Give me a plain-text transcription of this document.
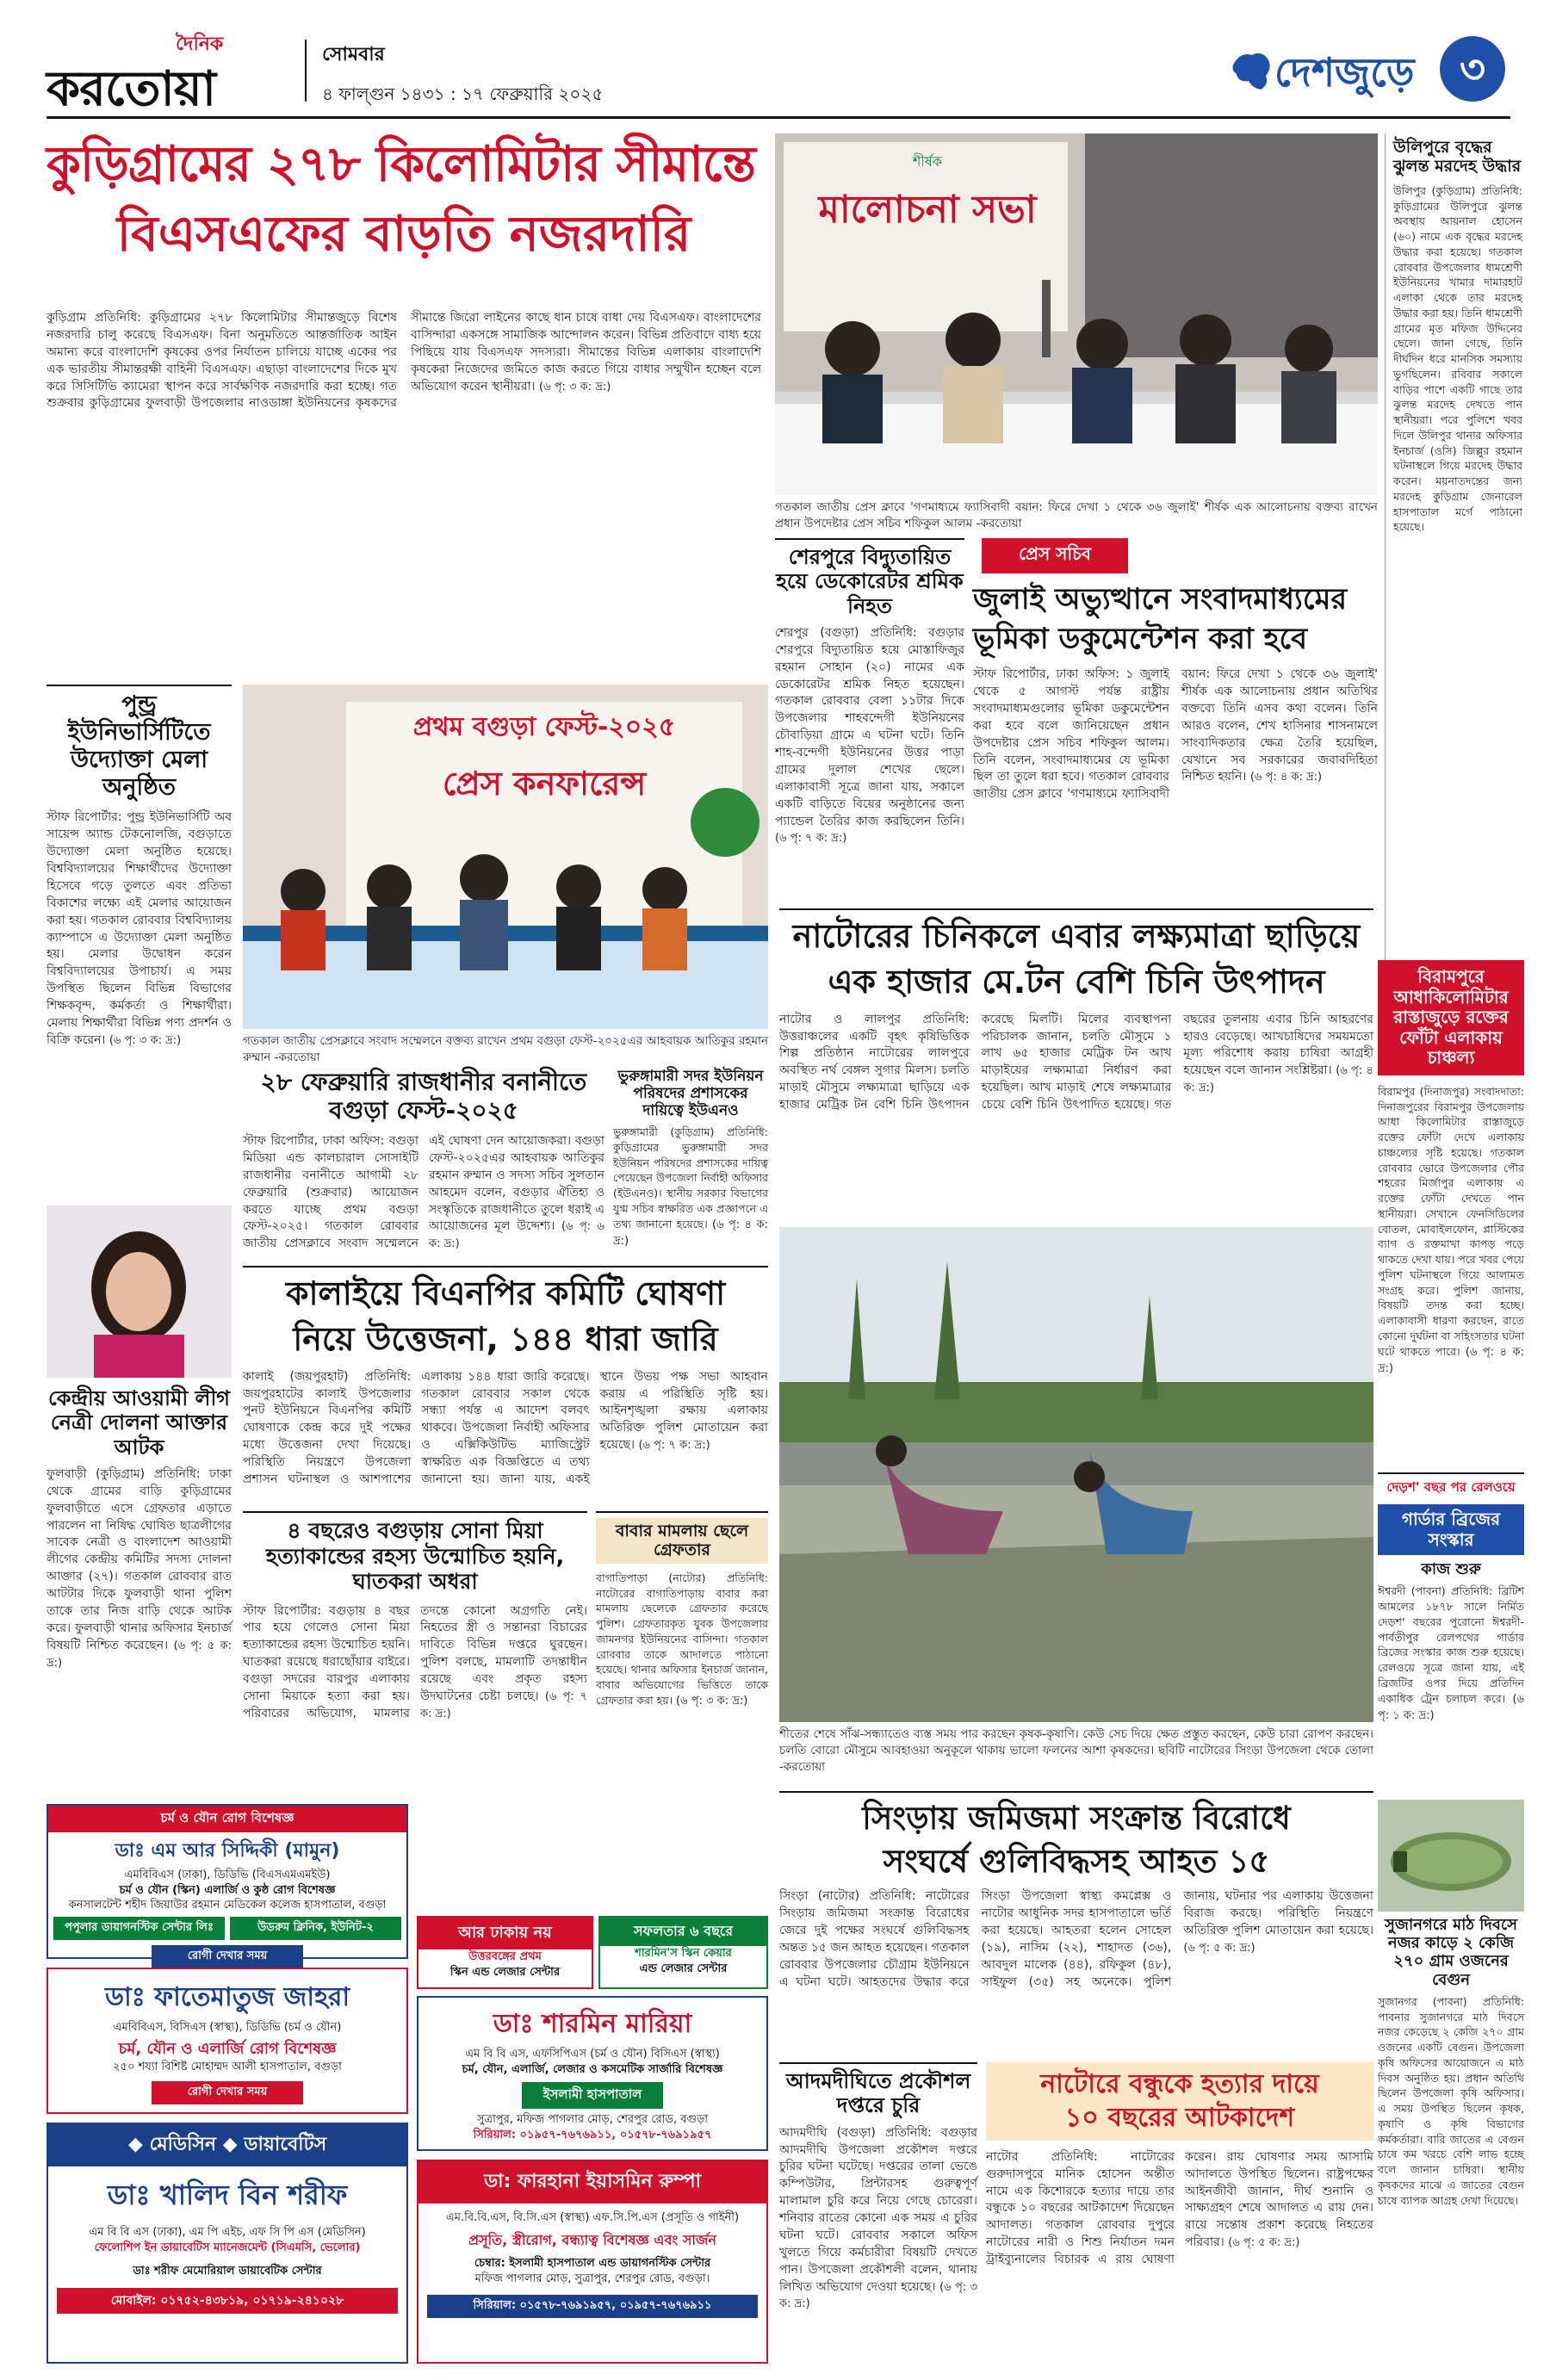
দৈনিক
করতোয়া
সোমবার
৪ ফাল্গুন ১৪৩১ : ১৭ ফেব্রুয়ারি ২০২৫	দেশজুড়ে	৩
কুড়িগ্রামের ২৭৮ কিলোমিটার সীমান্তে
বিএসএফের বাড়তি নজরদারি
কুড়িগ্রাম প্রতিনিধি: কুড়িগ্রামের ২৭৮ কিলোমিটার সীমান্তজুড়ে বিশেষ নজরদারি চালু করেছে বিএসএফ। বিনা অনুমতিতে আন্তর্জাতিক আইন অমান্য করে বাংলাদেশি কৃষকের ওপর নির্যাতন চালিয়ে যাচ্ছে একের পর এক ভারতীয় সীমান্তরক্ষী বাহিনী বিএসএফ। এছাড়া বাংলাদেশের দিকে মুখ করে সিসিটিভি ক্যামেরা স্থাপন করে সার্বক্ষণিক নজরদারি করা হচ্ছে। গত শুক্রবার কুড়িগ্রামের ফুলবাড়ী উপজেলার নাওডাঙ্গা ইউনিয়নের কৃষকদের সীমান্তে জিরো লাইনের কাছে ধান চাষে বাধা দেয় বিএসএফ। বাংলাদেশের বাসিন্দারা একসঙ্গে সামাজিক আন্দোলন করেন। বিভিন্ন প্রতিবাদে বাধ্য হয়ে পিছিয়ে যায় বিএসএফ সদস্যরা। সীমান্তের বিভিন্ন এলাকায় বাংলাদেশি কৃষকেরা নিজেদের জমিতে কাজ করতে গিয়ে বাধার সম্মুখীন হচ্ছেন বলে অভিযোগ করেন স্থানীয়রা। (৬ পৃ: ৩ ক: দ্র:)
শীর্ষক
মালোচনা সভা
গতকাল জাতীয় প্রেস ক্লাবে 'গণমাধ্যমে ফ্যাসিবাদী বয়ান: ফিরে দেখা ১ থেকে ৩৬ জুলাই' শীর্ষক এক আলোচনায় বক্তব্য রাখেন প্রধান উপদেষ্টার প্রেস সচিব শফিকুল আলম -করতোয়া
উলিপুরে বৃদ্ধের ঝুলন্ত মরদেহ উদ্ধার
উলিপুর (কুড়িগ্রাম) প্রতিনিধি: কুড়িগ্রামের উলিপুরে ঝুলন্ত অবস্থায় আয়নাল হোসেন (৬০) নামে এক বৃদ্ধের মরদেহ উদ্ধার করা হয়েছে। গতকাল রোববার উপজেলার ধামশ্রেণী ইউনিয়নের খামার দামারহাট এলাকা থেকে তার মরদেহ উদ্ধার করা হয়। তিনি ধামশ্রেণী গ্রামের মৃত মফিজ উদ্দিনের ছেলে। জানা গেছে, তিনি দীর্ঘদিন ধরে মানসিক সমস্যায় ভুগছিলেন। রবিবার সকালে বাড়ির পাশে একটি গাছে তার ঝুলন্ত মরদেহ দেখতে পান স্থানীয়রা। পরে পুলিশে খবর দিলে উলিপুর থানার অফিসার ইনচার্জ (ওসি) জিল্লুর রহমান ঘটনাস্থলে গিয়ে মরদেহ উদ্ধার করেন। ময়নাতদন্তের জন্য মরদেহ কুড়িগ্রাম জেনারেল হাসপাতাল মর্গে পাঠানো হয়েছে।
শেরপুরে বিদ্যুতায়িত হয়ে ডেকোরেটর শ্রমিক নিহত
শেরপুর (বগুড়া) প্রতিনিধি: বগুড়ার শেরপুরে বিদ্যুতায়িত হয়ে মোস্তাফিজুর রহমান সোহান (২০) নামের এক ডেকোরেটর শ্রমিক নিহত হয়েছেন। গতকাল রোববার বেলা ১১টার দিকে উপজেলার শাহবন্দেগী ইউনিয়নের চৌবাড়িয়া গ্রামে এ ঘটনা ঘটে। তিনি শাহ-বন্দেগী ইউনিয়নের উত্তর পাড়া গ্রামের দুলাল শেখের ছেলে। এলাকাবাসী সূত্রে জানা যায়, সকালে একটি বাড়িতে বিয়ের অনুষ্ঠানের জন্য প্যান্ডেল তৈরির কাজ করছিলেন তিনি। (৬ পৃ: ৭ ক: দ্র:)
প্রেস সচিব
জুলাই অভ্যুত্থানে সংবাদমাধ্যমের
ভূমিকা ডকুমেন্টেশন করা হবে
স্টাফ রিপোর্টার, ঢাকা অফিস: ১ জুলাই থেকে ৫ আগস্ট পর্যন্ত রাষ্ট্রীয় সংবাদমাধ্যমগুলোর ভূমিকা ডকুমেন্টেশন করা হবে বলে জানিয়েছেন প্রধান উপদেষ্টার প্রেস সচিব শফিকুল আলম। তিনি বলেন, সংবাদমাধ্যমের যে ভূমিকা ছিল তা তুলে ধরা হবে। গতকাল রোববার জাতীয় প্রেস ক্লাবে 'গণমাধ্যমে ফ্যাসিবাদী বয়ান: ফিরে দেখা ১ থেকে ৩৬ জুলাই' শীর্ষক এক আলোচনায় প্রধান অতিথির বক্তব্যে তিনি এসব কথা বলেন। তিনি আরও বলেন, শেখ হাসিনার শাসনামলে সাংবাদিকতার ক্ষেত্র তৈরি হয়েছিল, যেখানে সব সরকারের জবাবদিহিতা নিশ্চিত হয়নি। (৬ পৃ: ৪ ক: দ্র:)
বিরামপুরে আধাকিলোমিটার রাস্তাজুড়ে রক্তের ফোঁটা এলাকায় চাঞ্চল্য
বিরামপুর (দিনাজপুর) সংবাদদাতা: দিনাজপুরের বিরামপুর উপজেলায় আধা কিলোমিটার রাস্তাজুড়ে রক্তের ফোঁটা দেখে এলাকায় চাঞ্চল্যের সৃষ্টি হয়েছে। গতকাল রোববার ভোরে উপজেলার পৌর শহরের মির্জাপুর এলাকায় এ রক্তের ফোঁটা দেখতে পান স্থানীয়রা। সেখানে ফেনসিডিলের বোতল, মোবাইলফোন, প্লাস্টিকের ব্যাগ ও রক্তমাখা কাপড় পড়ে থাকতে দেখা যায়। পরে খবর পেয়ে পুলিশ ঘটনাস্থলে গিয়ে আলামত সংগ্রহ করে। পুলিশ জানায়, বিষয়টি তদন্ত করা হচ্ছে। এলাকাবাসী ধারণা করছেন, রাতে কোনো দুর্ঘটনা বা সহিংসতার ঘটনা ঘটে থাকতে পারে। (৬ পৃ: ৪ ক: দ্র:)
পুন্ড্র ইউনিভার্সিটিতে উদ্যোক্তা মেলা অনুষ্ঠিত
স্টাফ রিপোর্টার: পুন্ড্র ইউনিভার্সিটি অব সায়েন্স অ্যান্ড টেকনোলজি, বগুড়াতে উদ্যোক্তা মেলা অনুষ্ঠিত হয়েছে। বিশ্ববিদ্যালয়ের শিক্ষার্থীদের উদ্যোক্তা হিসেবে গড়ে তুলতে এবং প্রতিভা বিকাশের লক্ষ্যে এই মেলার আয়োজন করা হয়। গতকাল রোববার বিশ্ববিদ্যালয় ক্যাম্পাসে এ উদ্যোক্তা মেলা অনুষ্ঠিত হয়। মেলার উদ্বোধন করেন বিশ্ববিদ্যালয়ের উপাচার্য। এ সময় উপস্থিত ছিলেন বিভিন্ন বিভাগের শিক্ষকবৃন্দ, কর্মকর্তা ও শিক্ষার্থীরা। মেলায় শিক্ষার্থীরা বিভিন্ন পণ্য প্রদর্শন ও বিক্রি করেন। (৬ পৃ: ৩ ক: দ্র:)
প্রথম বগুড়া ফেস্ট-২০২৫
প্রেস কনফারেন্স
গতকাল জাতীয় প্রেসক্লাবে সংবাদ সম্মেলনে বক্তব্য রাখেন প্রথম বগুড়া ফেস্ট-২০২৫এর আহবায়ক আতিকুর রহমান রুম্মান -করতোয়া
২৮ ফেব্রুয়ারি রাজধানীর বনানীতে বগুড়া ফেস্ট-২০২৫
স্টাফ রিপোর্টার, ঢাকা অফিস: বগুড়া মিডিয়া এন্ড কালচারাল সোসাইটি রাজধানীর বনানীতে আগামী ২৮ ফেব্রুয়ারি (শুক্রবার) আয়োজন করতে যাচ্ছে প্রথম বগুড়া ফেস্ট-২০২৫। গতকাল রোববার জাতীয় প্রেসক্লাবে সংবাদ সম্মেলনে এই ঘোষণা দেন আয়োজকরা। বগুড়া ফেস্ট-২০২৫এর আহবায়ক আতিকুর রহমান রুম্মান ও সদস্য সচিব সুলতান আহমেদ বলেন, বগুড়ার ঐতিহ্য ও সংস্কৃতিকে রাজধানীতে তুলে ধরাই এ আয়োজনের মূল উদ্দেশ্য। (৬ পৃ: ৬ ক: দ্র:)
ভুরুঙ্গামারী সদর ইউনিয়ন পরিষদের প্রশাসকের দায়িত্বে ইউএনও
ভুরুঙ্গামারী (কুড়িগ্রাম) প্রতিনিধি: কুড়িগ্রামের ভুরুঙ্গামারী সদর ইউনিয়ন পরিষদের প্রশাসকের দায়িত্ব পেয়েছেন উপজেলা নির্বাহী অফিসার (ইউএনও)। স্থানীয় সরকার বিভাগের যুগ্ম সচিব স্বাক্ষরিত এক প্রজ্ঞাপনে এ তথ্য জানানো হয়েছে। (৬ পৃ: ৪ ক: দ্র:)
নাটোরের চিনিকলে এবার লক্ষ্যমাত্রা ছাড়িয়ে
এক হাজার মে.টন বেশি চিনি উৎপাদন
নাটোর ও লালপুর প্রতিনিধি: উত্তরাঞ্চলের একটি বৃহৎ কৃষিভিত্তিক শিল্প প্রতিষ্ঠান নাটোরের লালপুরে অবস্থিত নর্থ বেঙ্গল সুগার মিলস। চলতি মাড়াই মৌসুমে লক্ষ্যমাত্রা ছাড়িয়ে এক হাজার মেট্রিক টন বেশি চিনি উৎপাদন করেছে মিলটি। মিলের ব্যবস্থাপনা পরিচালক জানান, চলতি মৌসুমে ১ লাখ ৬৫ হাজার মেট্রিক টন আখ মাড়াইয়ের লক্ষ্যমাত্রা নির্ধারণ করা হয়েছিল। আখ মাড়াই শেষে লক্ষ্যমাত্রার চেয়ে বেশি চিনি উৎপাদিত হয়েছে। গত বছরের তুলনায় এবার চিনি আহরণের হারও বেড়েছে। আখচাষিদের সময়মতো মূল্য পরিশোধ করায় চাষিরা আগ্রহী হয়েছেন বলে জানান সংশ্লিষ্টরা। (৬ পৃ: ৪ ক: দ্র:)
কেন্দ্রীয় আওয়ামী লীগ নেত্রী দোলনা আক্তার আটক
ফুলবাড়ী (কুড়িগ্রাম) প্রতিনিধি: ঢাকা থেকে গ্রামের বাড়ি কুড়িগ্রামের ফুলবাড়ীতে এসে গ্রেফতার এড়াতে পারলেন না নিষিদ্ধ ঘোষিত ছাত্রলীগের সাবেক নেত্রী ও বাংলাদেশ আওয়ামী লীগের কেন্দ্রীয় কমিটির সদস্য দোলনা আক্তার (২৭)। গতকাল রোববার রাত আটটার দিকে ফুলবাড়ী থানা পুলিশ তাকে তার নিজ বাড়ি থেকে আটক করে। ফুলবাড়ী থানার অফিসার ইনচার্জ বিষয়টি নিশ্চিত করেছেন। (৬ পৃ: ৫ ক: দ্র:)
কালাইয়ে বিএনপির কমিটি ঘোষণা
নিয়ে উত্তেজনা, ১৪৪ ধারা জারি
কালাই (জয়পুরহাট) প্রতিনিধি: জয়পুরহাটের কালাই উপজেলার পুনট ইউনিয়নে বিএনপির কমিটি ঘোষণাকে কেন্দ্র করে দুই পক্ষের মধ্যে উত্তেজনা দেখা দিয়েছে। পরিস্থিতি নিয়ন্ত্রণে উপজেলা প্রশাসন ঘটনাস্থল ও আশপাশের এলাকায় ১৪৪ ধারা জারি করেছে। গতকাল রোববার সকাল থেকে সন্ধ্যা পর্যন্ত এ আদেশ বলবৎ থাকবে। উপজেলা নির্বাহী অফিসার ও এক্সিকিউটিভ ম্যাজিস্ট্রেট স্বাক্ষরিত এক বিজ্ঞপ্তিতে এ তথ্য জানানো হয়। জানা যায়, একই স্থানে উভয় পক্ষ সভা আহবান করায় এ পরিস্থিতি সৃষ্টি হয়। আইনশৃঙ্খলা রক্ষায় এলাকায় অতিরিক্ত পুলিশ মোতায়েন করা হয়েছে। (৬ পৃ: ৭ ক: দ্র:)
৪ বছরেও বগুড়ায় সোনা মিয়া হত্যাকান্ডের রহস্য উন্মোচিত হয়নি, ঘাতকরা অধরা
স্টাফ রিপোর্টার: বগুড়ায় ৪ বছর পার হয়ে গেলেও সোনা মিয়া হত্যাকান্ডের রহস্য উন্মোচিত হয়নি। ঘাতকরা রয়েছে ধরাছোঁয়ার বাইরে। বগুড়া সদরের বারপুর এলাকায় সোনা মিয়াকে হত্যা করা হয়। পরিবারের অভিযোগ, মামলার তদন্তে কোনো অগ্রগতি নেই। নিহতের স্ত্রী ও সন্তানরা বিচারের দাবিতে বিভিন্ন দপ্তরে ঘুরছেন। পুলিশ বলছে, মামলাটি তদন্তাধীন রয়েছে এবং প্রকৃত রহস্য উদঘাটনের চেষ্টা চলছে। (৬ পৃ: ৭ ক: দ্র:)
বাবার মামলায় ছেলে গ্রেফতার
বাগাতিপাড়া (নাটোর) প্রতিনিধি: নাটোরের বাগাতিপাড়ায় বাবার করা মামলায় ছেলেকে গ্রেফতার করেছে পুলিশ। গ্রেফতারকৃত যুবক উপজেলার জামনগর ইউনিয়নের বাসিন্দা। গতকাল রোববার তাকে আদালতে পাঠানো হয়েছে। থানার অফিসার ইনচার্জ জানান, বাবার অভিযোগের ভিত্তিতে তাকে গ্রেফতার করা হয়। (৬ পৃ: ৩ ক: দ্র:)
শীতের শেষে সাঁঝ-সন্ধ্যাতেও ব্যস্ত সময় পার করছেন কৃষক-কৃষাণি। কেউ সেচ দিয়ে ক্ষেত প্রস্তুত করছেন, কেউ চারা রোপণ করছেন। চলতি বোরো মৌসুমে আবহাওয়া অনুকূলে থাকায় ভালো ফলনের আশা কৃষকদের। ছবিটি নাটোরের সিংড়া উপজেলা থেকে তোলা -করতোয়া
দেড়শ' বছর পর রেলওয়ে
গার্ডার ব্রিজের সংস্কার
কাজ শুরু
ঈশ্বরদী (পাবনা) প্রতিনিধি: ব্রিটিশ আমলের ১৮৭৮ সালে নির্মিত দেড়শ' বছরের পুরোনো ঈশ্বরদী-পার্বতীপুর রেলপথের গার্ডার ব্রিজের সংস্কার কাজ শুরু হয়েছে। রেলওয়ে সূত্রে জানা যায়, এই ব্রিজটির ওপর দিয়ে প্রতিদিন একাধিক ট্রেন চলাচল করে। (৬ পৃ: ১ ক: দ্র:)
সুজানগরে মাঠ দিবসে নজর কাড়ে ২ কেজি ২৭০ গ্রাম ওজনের বেগুন
সুজানগর (পাবনা) প্রতিনিধি: পাবনার সুজানগরে মাঠ দিবসে নজর কেড়েছে ২ কেজি ২৭০ গ্রাম ওজনের একটি বেগুন। উপজেলা কৃষি অফিসের আয়োজনে এ মাঠ দিবস অনুষ্ঠিত হয়। প্রধান অতিথি ছিলেন উপজেলা কৃষি অফিসার। এ সময় উপস্থিত ছিলেন কৃষক, কৃষাণি ও কৃষি বিভাগের কর্মকর্তারা। বারি জাতের এ বেগুন চাষে কম খরচে বেশি লাভ হচ্ছে বলে জানান চাষিরা। স্থানীয় কৃষকদের মাঝে এ জাতের বেগুন চাষে ব্যাপক আগ্রহ দেখা দিয়েছে।
সিংড়ায় জমিজমা সংক্রান্ত বিরোধে
সংঘর্ষে গুলিবিদ্ধসহ আহত ১৫
সিংড়া (নাটোর) প্রতিনিধি: নাটোরের সিংড়ায় জমিজমা সংক্রান্ত বিরোধের জেরে দুই পক্ষের সংঘর্ষে গুলিবিদ্ধসহ অন্তত ১৫ জন আহত হয়েছেন। গতকাল রোববার উপজেলার চৌগ্রাম ইউনিয়নে এ ঘটনা ঘটে। আহতদের উদ্ধার করে সিংড়া উপজেলা স্বাস্থ্য কমপ্লেক্স ও নাটোর আধুনিক সদর হাসপাতালে ভর্তি করা হয়েছে। আহতরা হলেন সোহেল (১৯), নাসিম (২২), শাহাদত (৩৬), আবদুল মালেক (৪৪), রফিকুল (৪৮), সাইফুল (৩৫) সহ অনেকে। পুলিশ জানায়, ঘটনার পর এলাকায় উত্তেজনা বিরাজ করছে। পরিস্থিতি নিয়ন্ত্রণে অতিরিক্ত পুলিশ মোতায়েন করা হয়েছে। (৬ পৃ: ৫ ক: দ্র:)
আদমদীঘিতে প্রকৌশল দপ্তরে চুরি
আদমদীঘি (বগুড়া) প্রতিনিধি: বগুড়ার আদমদীঘি উপজেলা প্রকৌশল দপ্তরে চুরির ঘটনা ঘটেছে। দপ্তরের তালা ভেঙে কম্পিউটার, প্রিন্টারসহ গুরুত্বপূর্ণ মালামাল চুরি করে নিয়ে গেছে চোরেরা। শনিবার রাতের কোনো এক সময় এ চুরির ঘটনা ঘটে। রোববার সকালে অফিস খুলতে গিয়ে কর্মচারীরা বিষয়টি দেখতে পান। উপজেলা প্রকৌশলী বলেন, থানায় লিখিত অভিযোগ দেওয়া হয়েছে। (৬ পৃ: ৩ ক: দ্র:)
নাটোরে বন্ধুকে হত্যার দায়ে
১০ বছরের আটকাদেশ
নাটোর প্রতিনিধি: নাটোরের গুরুদাসপুরে মানিক হোসেন অন্তীত নামে এক কিশোরকে হত্যার দায়ে তার বন্ধুকে ১০ বছরের আটকাদেশ দিয়েছেন আদালত। গতকাল রোববার দুপুরে নাটোরের নারী ও শিশু নির্যাতন দমন ট্রাইব্যুনালের বিচারক এ রায় ঘোষণা করেন। রায় ঘোষণার সময় আসামি আদালতে উপস্থিত ছিলেন। রাষ্ট্রপক্ষের আইনজীবী জানান, দীর্ঘ শুনানি ও সাক্ষ্যগ্রহণ শেষে আদালত এ রায় দেন। রায়ে সন্তোষ প্রকাশ করেছে নিহতের পরিবার। (৬ পৃ: ৫ ক: দ্র:)
চর্ম ও যৌন রোগ বিশেষজ্ঞ
ডাঃ এম আর সিদ্দিকী (মামুন)
এমবিবিএস (ঢাকা), ডিডিভি (বিএসএমএমইউ)
চর্ম ও যৌন (স্কিন) এলার্জি ও কুষ্ঠ রোগ বিশেষজ্ঞ
কনসালটেন্ট শহীদ জিয়াউর রহমান মেডিকেল কলেজ হাসপাতাল, বগুড়া
পপুলার ডায়াগনস্টিক সেন্টার লিঃ	উডরুম ক্লিনিক, ইউনিট-২
রোগী দেখার সময়
ডাঃ ফাতেমাতুজ জাহরা
এমবিবিএস, বিসিএস (স্বাস্থ্য), ডিডিভি (চর্ম ও যৌন)
চর্ম, যৌন ও এলার্জি রোগ বিশেষজ্ঞ
২৫০ শয্যা বিশিষ্ট মোহাম্মদ আলী হাসপাতাল, বগুড়া
রোগী দেখার সময়
◆ মেডিসিন ◆ ডায়াবেটিস
ডাঃ খালিদ বিন শরীফ
এম বি বি এস (ঢাকা), এম পি এইচ, এফ সি পি এস (মেডিসিন)
ফেলোশিপ ইন ডায়াবেটিস ম্যানেজমেন্ট (সিএমসি, ভেলোর)
ডাঃ শরীফ মেমোরিয়াল ডায়াবেটিক সেন্টার
মোবাইল: ০১৭৫২-৪৩৮১৯, ০১৭১৯-২৪১০২৮
আর ঢাকায় নয়
উত্তরবঙ্গের প্রথম
স্কিন এন্ড লেজার সেন্টার
সফলতার ৬ বছরে
শারমিন'স স্কিন কেয়ার
এন্ড লেজার সেন্টার
ডাঃ শারমিন মারিয়া
এম বি বি এস, এফসিপিএস (চর্ম ও যৌন) বিসিএস (স্বাস্থ্য)
চর্ম, যৌন, এলার্জি, লেজার ও কসমেটিক সার্জারি বিশেষজ্ঞ
ইসলামী হাসপাতাল
সুত্রাপুর, মফিজ পাগলার মোড়, শেরপুর রোড, বগুড়া
সিরিয়াল: ০১৯৫৭-৭৬৭৬৯১১, ০১৫৭৮-৭৬৯১৯৫৭
ডা: ফারহানা ইয়াসমিন রুম্পা
এম.বি.বি.এস, বি.সি.এস (স্বাস্থ্য) এফ.সি.পি.এস (প্রসূতি ও গাইনী)
প্রসূতি, স্ত্রীরোগ, বন্ধ্যাত্ব বিশেষজ্ঞ এবং সার্জন
চেম্বার: ইসলামী হাসপাতাল এন্ড ডায়াগনস্টিক সেন্টার
মফিজ পাগলার মোড়, সুত্রাপুর, শেরপুর রোড, বগুড়া।
সিরিয়াল: ০১৫৭৮-৭৬৯১৯৫৭, ০১৯৫৭-৭৬৭৬৯১১
